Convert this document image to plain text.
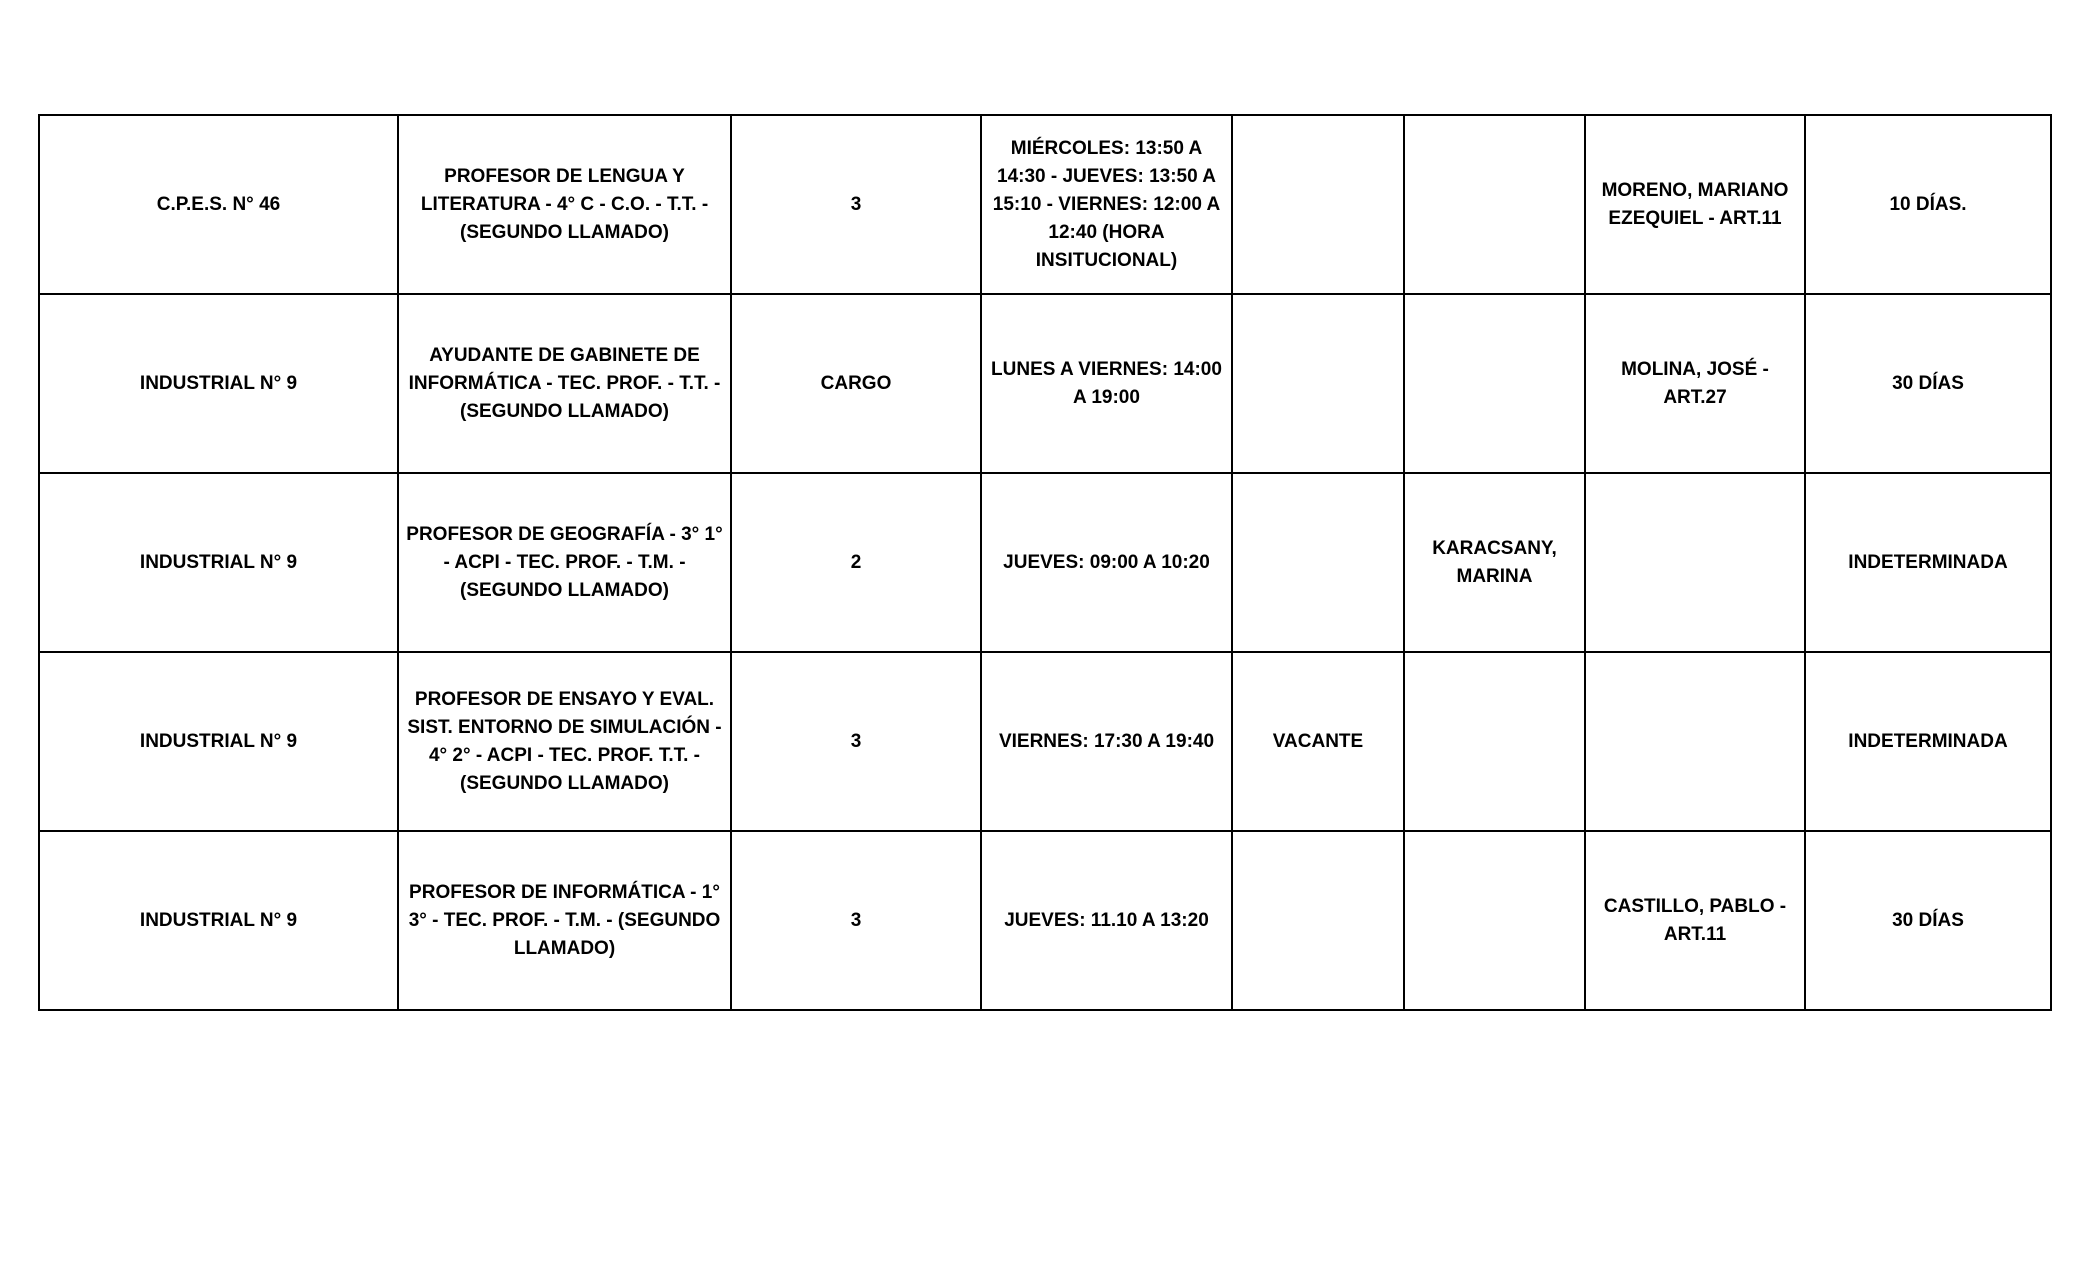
C.P.E.S. N° 46	PROFESOR DE LENGUA Y LITERATURA - 4° C - C.O. - T.T. - (SEGUNDO LLAMADO)	3	MIÉRCOLES: 13:50 A 14:30 - JUEVES: 13:50 A 15:10 - VIERNES: 12:00 A 12:40 (HORA INSITUCIONAL)			MORENO, MARIANO EZEQUIEL - ART.11	10 DÍAS.
INDUSTRIAL N° 9	AYUDANTE DE GABINETE DE INFORMÁTICA - TEC. PROF. - T.T. - (SEGUNDO LLAMADO)	CARGO	LUNES A VIERNES: 14:00 A 19:00			MOLINA, JOSÉ - ART.27	30 DÍAS
INDUSTRIAL N° 9	PROFESOR DE GEOGRAFÍA - 3° 1° - ACPI - TEC. PROF. - T.M. -(SEGUNDO LLAMADO)	2	JUEVES: 09:00 A 10:20		KARACSANY, MARINA		INDETERMINADA
INDUSTRIAL N° 9	PROFESOR DE ENSAYO Y EVAL. SIST. ENTORNO DE SIMULACIÓN - 4° 2° - ACPI - TEC. PROF. T.T. - (SEGUNDO LLAMADO)	3	VIERNES: 17:30 A 19:40	VACANTE			INDETERMINADA
INDUSTRIAL N° 9	PROFESOR DE INFORMÁTICA - 1° 3° - TEC. PROF. - T.M. - (SEGUNDO LLAMADO)	3	JUEVES: 11.10 A 13:20			CASTILLO, PABLO - ART.11	30 DÍAS
